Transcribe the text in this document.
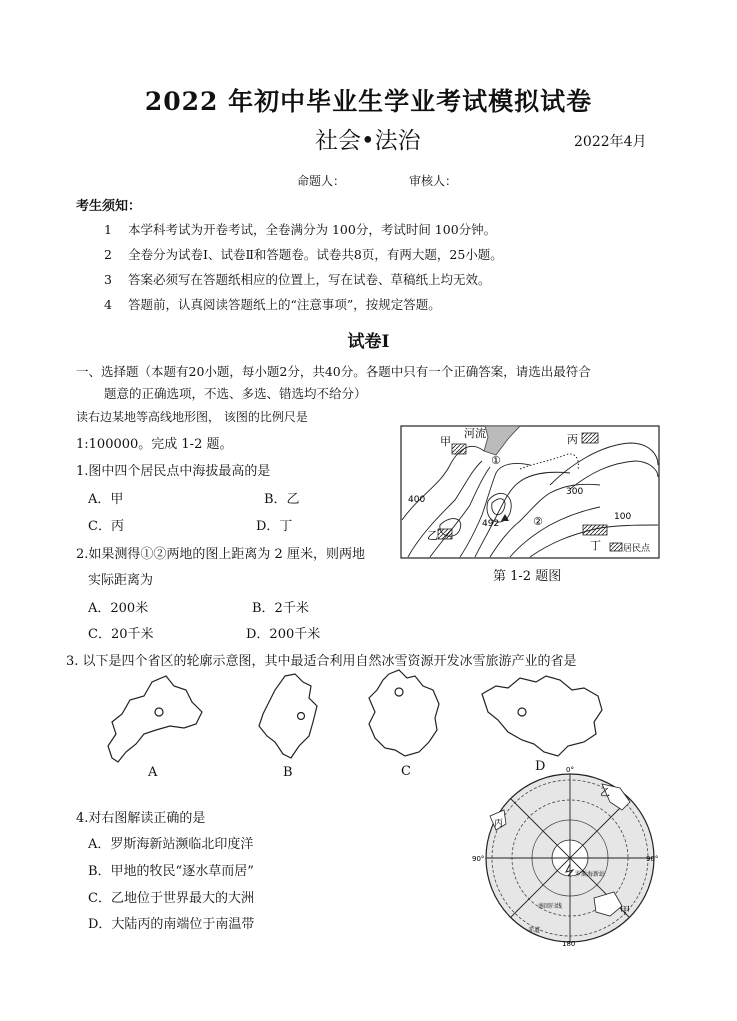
2022 年初中毕业生学业考试模拟试卷
社会•法治	2022年4月
命题人：	审核人：
考生须知：
1 本学科考试为开卷考试，全卷满分为 100分，考试时间 100分钟。
2 全卷分为试卷Ⅰ、试卷Ⅱ和答题卷。试卷共8页，有两大题，25小题。
3 答案必须写在答题纸相应的位置上，写在试卷、草稿纸上均无效。
4 答题前，认真阅读答题纸上的“注意事项”，按规定答题。
试卷Ⅰ
一、选择题（本题有20小题，每小题2分，共40分。各题中只有一个正确答案，请选出最符合
题意的正确选项，不选、多选、错选均不给分）
读右边某地等高线地形图， 该图的比例尺是
1:100000。完成 1-2 题。
1.图中四个居民点中海拔最高的是
A．甲	B．乙
C．丙	D．丁
2.如果测得①②两地的图上距离为 2 厘米，则两地
实际距离为
A．200米	B．2千米
C．20千米	D．200千米
甲
河流	丙
乙
丁
①
②
400
300
100
492
居民点
第 1-2 题图
3. 以下是四个省区的轮廓示意图，其中最适合利用自然冰雪资源开发冰雪旅游产业的省是
A	B	C	D
4.对右图解读正确的是
A．罗斯海新站濒临北印度洋
B．甲地的牧民“逐水草而居”
C．乙地位于世界最大的大洲
D．大陆丙的南端位于南温带
0°
90°	90°
180
乙
丙
甲
罗斯海新站
南回归线
赤道
